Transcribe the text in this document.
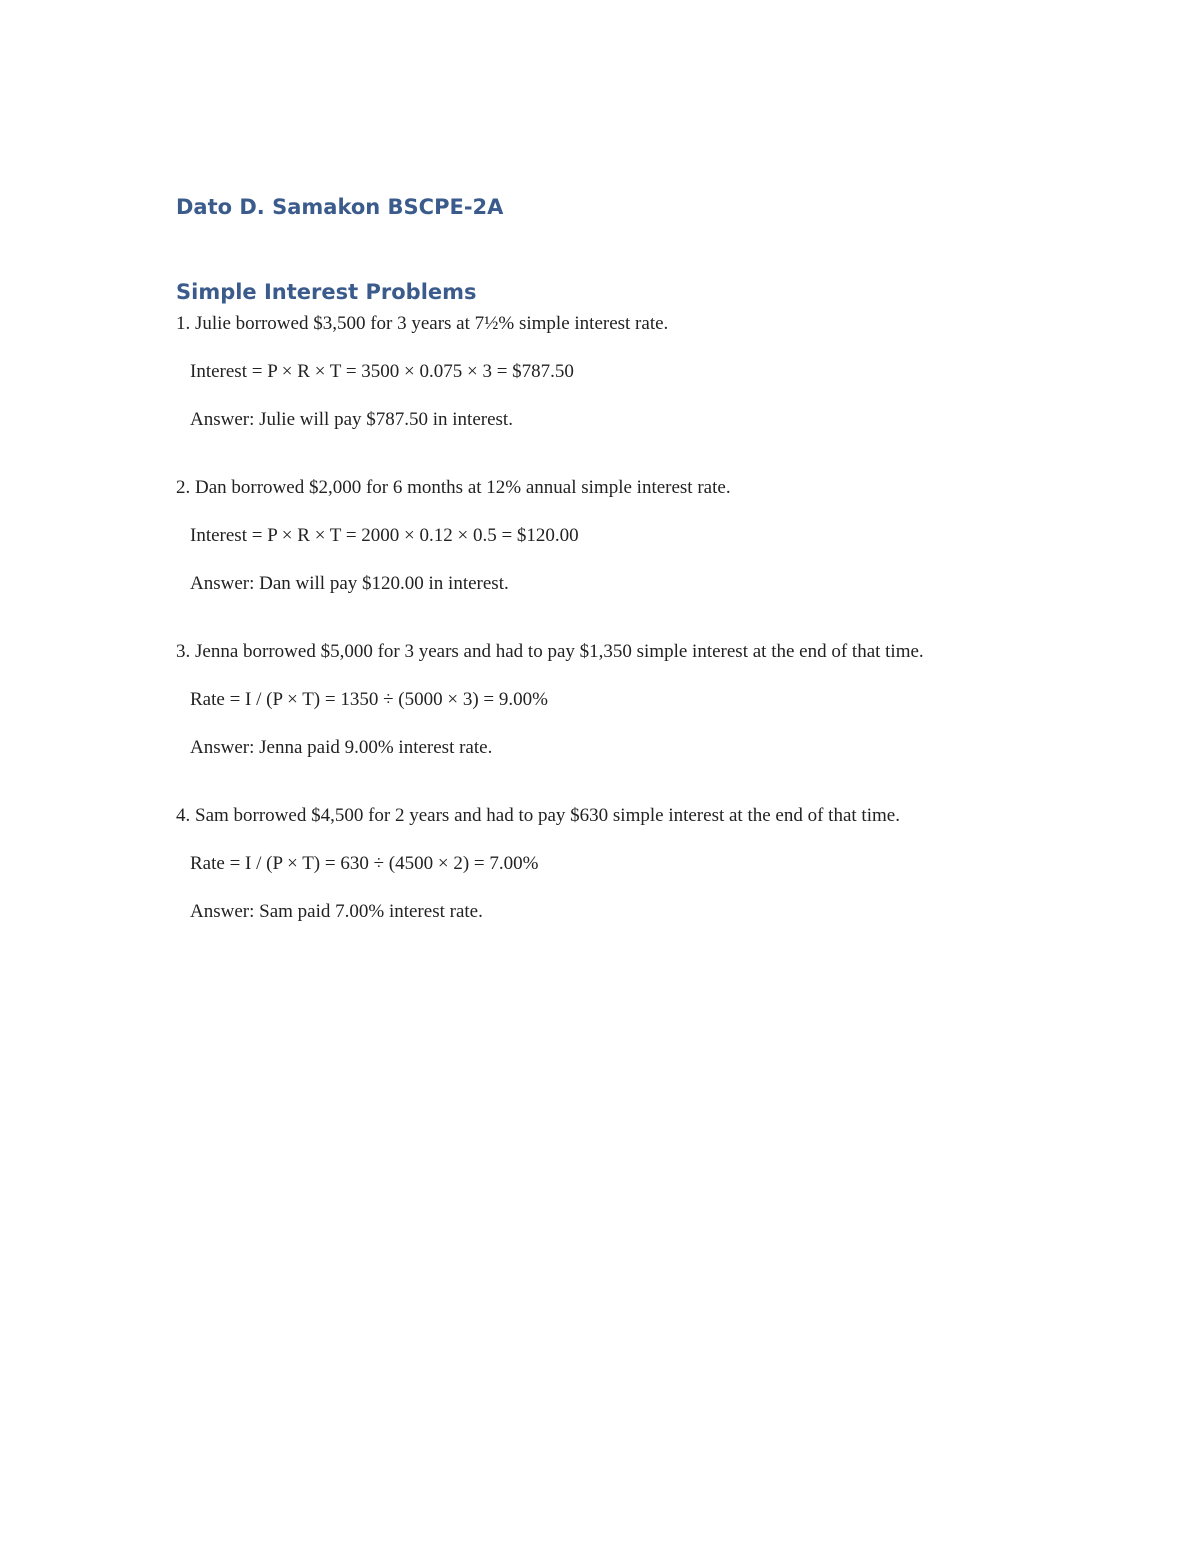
Dato D. Samakon BSCPE-2A
Simple Interest Problems

1. Julie borrowed $3,500 for 3 years at 7½% simple interest rate.

Interest = P × R × T = 3500 × 0.075 × 3 = $787.50

Answer: Julie will pay $787.50 in interest.

2. Dan borrowed $2,000 for 6 months at 12% annual simple interest rate.

Interest = P × R × T = 2000 × 0.12 × 0.5 = $120.00

Answer: Dan will pay $120.00 in interest.

3. Jenna borrowed $5,000 for 3 years and had to pay $1,350 simple interest at the end of that time.

Rate = I / (P × T) = 1350 ÷ (5000 × 3) = 9.00%

Answer: Jenna paid 9.00% interest rate.

4. Sam borrowed $4,500 for 2 years and had to pay $630 simple interest at the end of that time.

Rate = I / (P × T) = 630 ÷ (4500 × 2) = 7.00%

Answer: Sam paid 7.00% interest rate.
